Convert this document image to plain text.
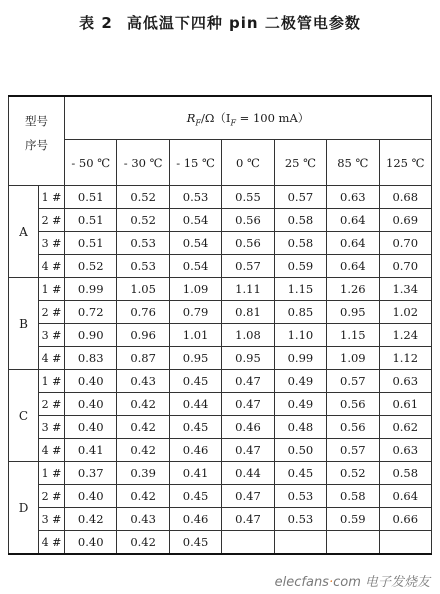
表 2 高低温下四种 pin 二极管电参数
型号
序号		$R_F/\Omega(I_F = 100$ mA）						
		- 50 ℃	- 30 ℃	- 15 ℃	0 ℃	25 ℃	85 ℃	125 ℃
A	1 #	0.51	0.52	0.53	0.55	0.57	0.63	0.68
	2 #	0.51	0.52	0.54	0.56	0.58	0.64	0.69
	3 #	0.51	0.53	0.54	0.56	0.58	0.64	0.70
	4 #	0.52	0.53	0.54	0.57	0.59	0.64	0.70
B	1 #	0.99	1.05	1.09	1.11	1.15	1.26	1.34
	2 #	0.72	0.76	0.79	0.81	0.85	0.95	1.02
	3 #	0.90	0.96	1.01	1.08	1.10	1.15	1.24
	4 #	0.83	0.87	0.95	0.95	0.99	1.09	1.12
C	1 #	0.40	0.43	0.45	0.47	0.49	0.57	0.63
	2 #	0.40	0.42	0.44	0.47	0.49	0.56	0.61
	3 #	0.40	0.42	0.45	0.46	0.48	0.56	0.62
	4 #	0.41	0.42	0.46	0.47	0.50	0.57	0.63
D	1 #	0.37	0.39	0.41	0.44	0.45	0.52	0.58
	2 #	0.40	0.42	0.45	0.47	0.53	0.58	0.64
	3 #	0.42	0.43	0.46	0.47	0.53	0.59	0.66
	4 #	0.40	0.42	0.45				
elecfans·com 电子发烧友
